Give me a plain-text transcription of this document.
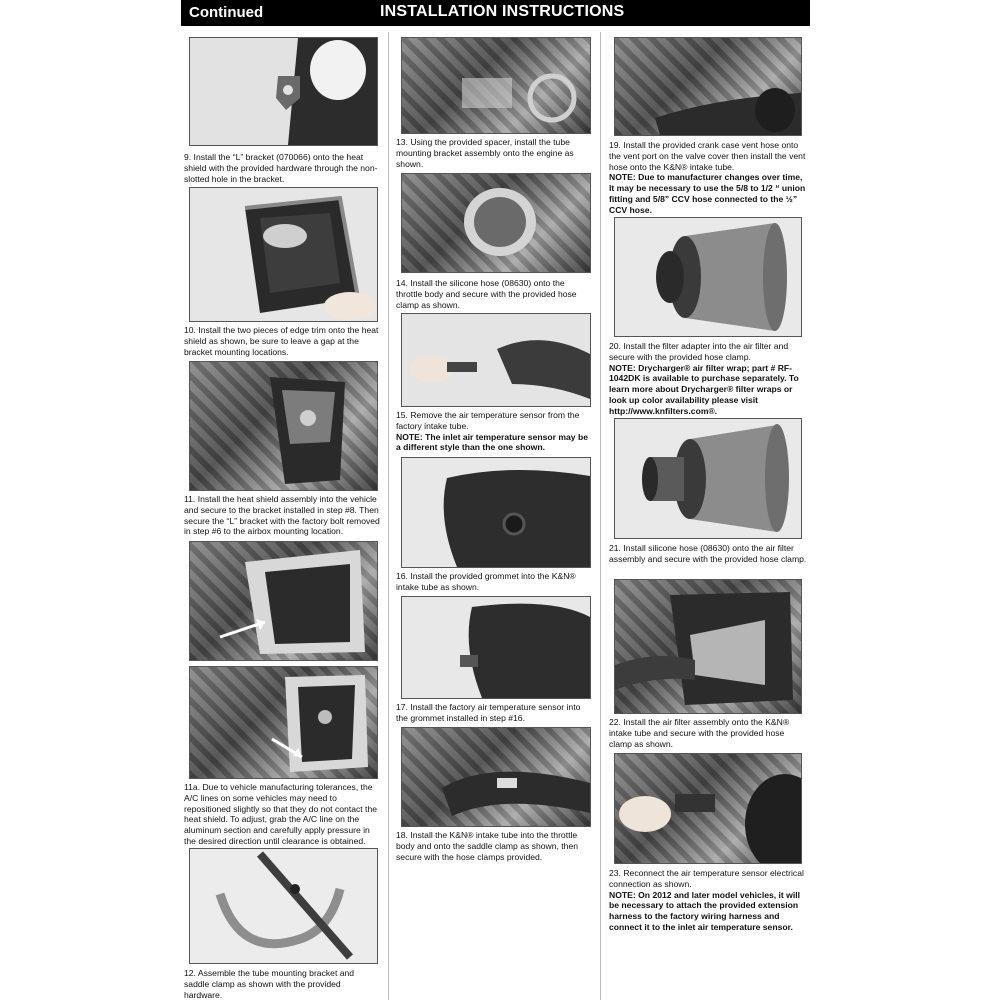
Continued	INSTALLATION INSTRUCTIONS
9. Install the “L” bracket (070066) onto the heat shield with the provided hardware through the non-slotted hole in the bracket.
10. Install the two pieces of edge trim onto the heat shield as shown, be sure to leave a gap at the bracket mounting locations.
11. Install the heat shield assembly into the vehicle and secure to the bracket installed in step #8. Then secure the “L” bracket with the factory bolt removed in step #6 to the airbox mounting location.
11a. Due to vehicle manufacturing tolerances, the A/C lines on some vehicles may need to repositioned slightly so that they do not contact the heat shield. To adjust, grab the A/C line on the aluminum section and carefully apply pressure in the desired direction until clearance is obtained.
12. Assemble the tube mounting bracket and saddle clamp as shown with the provided hardware.
13. Using the provided spacer, install the tube mounting bracket assembly onto the engine as shown.
14. Install the silicone hose (08630) onto the throttle body and secure with the provided hose clamp as shown.

15. Remove the air temperature sensor from the factory intake tube.

NOTE: The inlet air temperature sensor may be a different style than the one shown.
16. Install the provided grommet into the K&N® intake tube as shown.
17. Install the factory air temperature sensor into the grommet installed in step #16.
18. Install the K&N® intake tube into the throttle body and onto the saddle clamp as shown, then secure with the hose clamps provided.

19. Install the provided crank case vent hose onto the vent port on the valve cover then install the vent hose onto the K&N® intake tube.

NOTE: Due to manufacturer changes over time, It may be necessary to use the 5/8 to 1/2 “ union fitting and 5/8” CCV hose connected to the ½” CCV hose.

20. Install the filter adapter into the air filter and secure with the provided hose clamp.

NOTE: Drycharger® air filter wrap; part # RF-1042DK is available to purchase separately. To learn more about Drycharger® filter wraps or look up color availability please visit http://www.knfilters.com®.
21. Install silicone hose (08630) onto the air filter assembly and secure with the provided hose clamp.
22. Install the air filter assembly onto the K&N® intake tube and secure with the provided hose clamp as shown.

23. Reconnect the air temperature sensor electrical connection as shown.

NOTE: On 2012 and later model vehicles, it will be necessary to attach the provided extension harness to the factory wiring harness and connect it to the inlet air temperature sensor.
